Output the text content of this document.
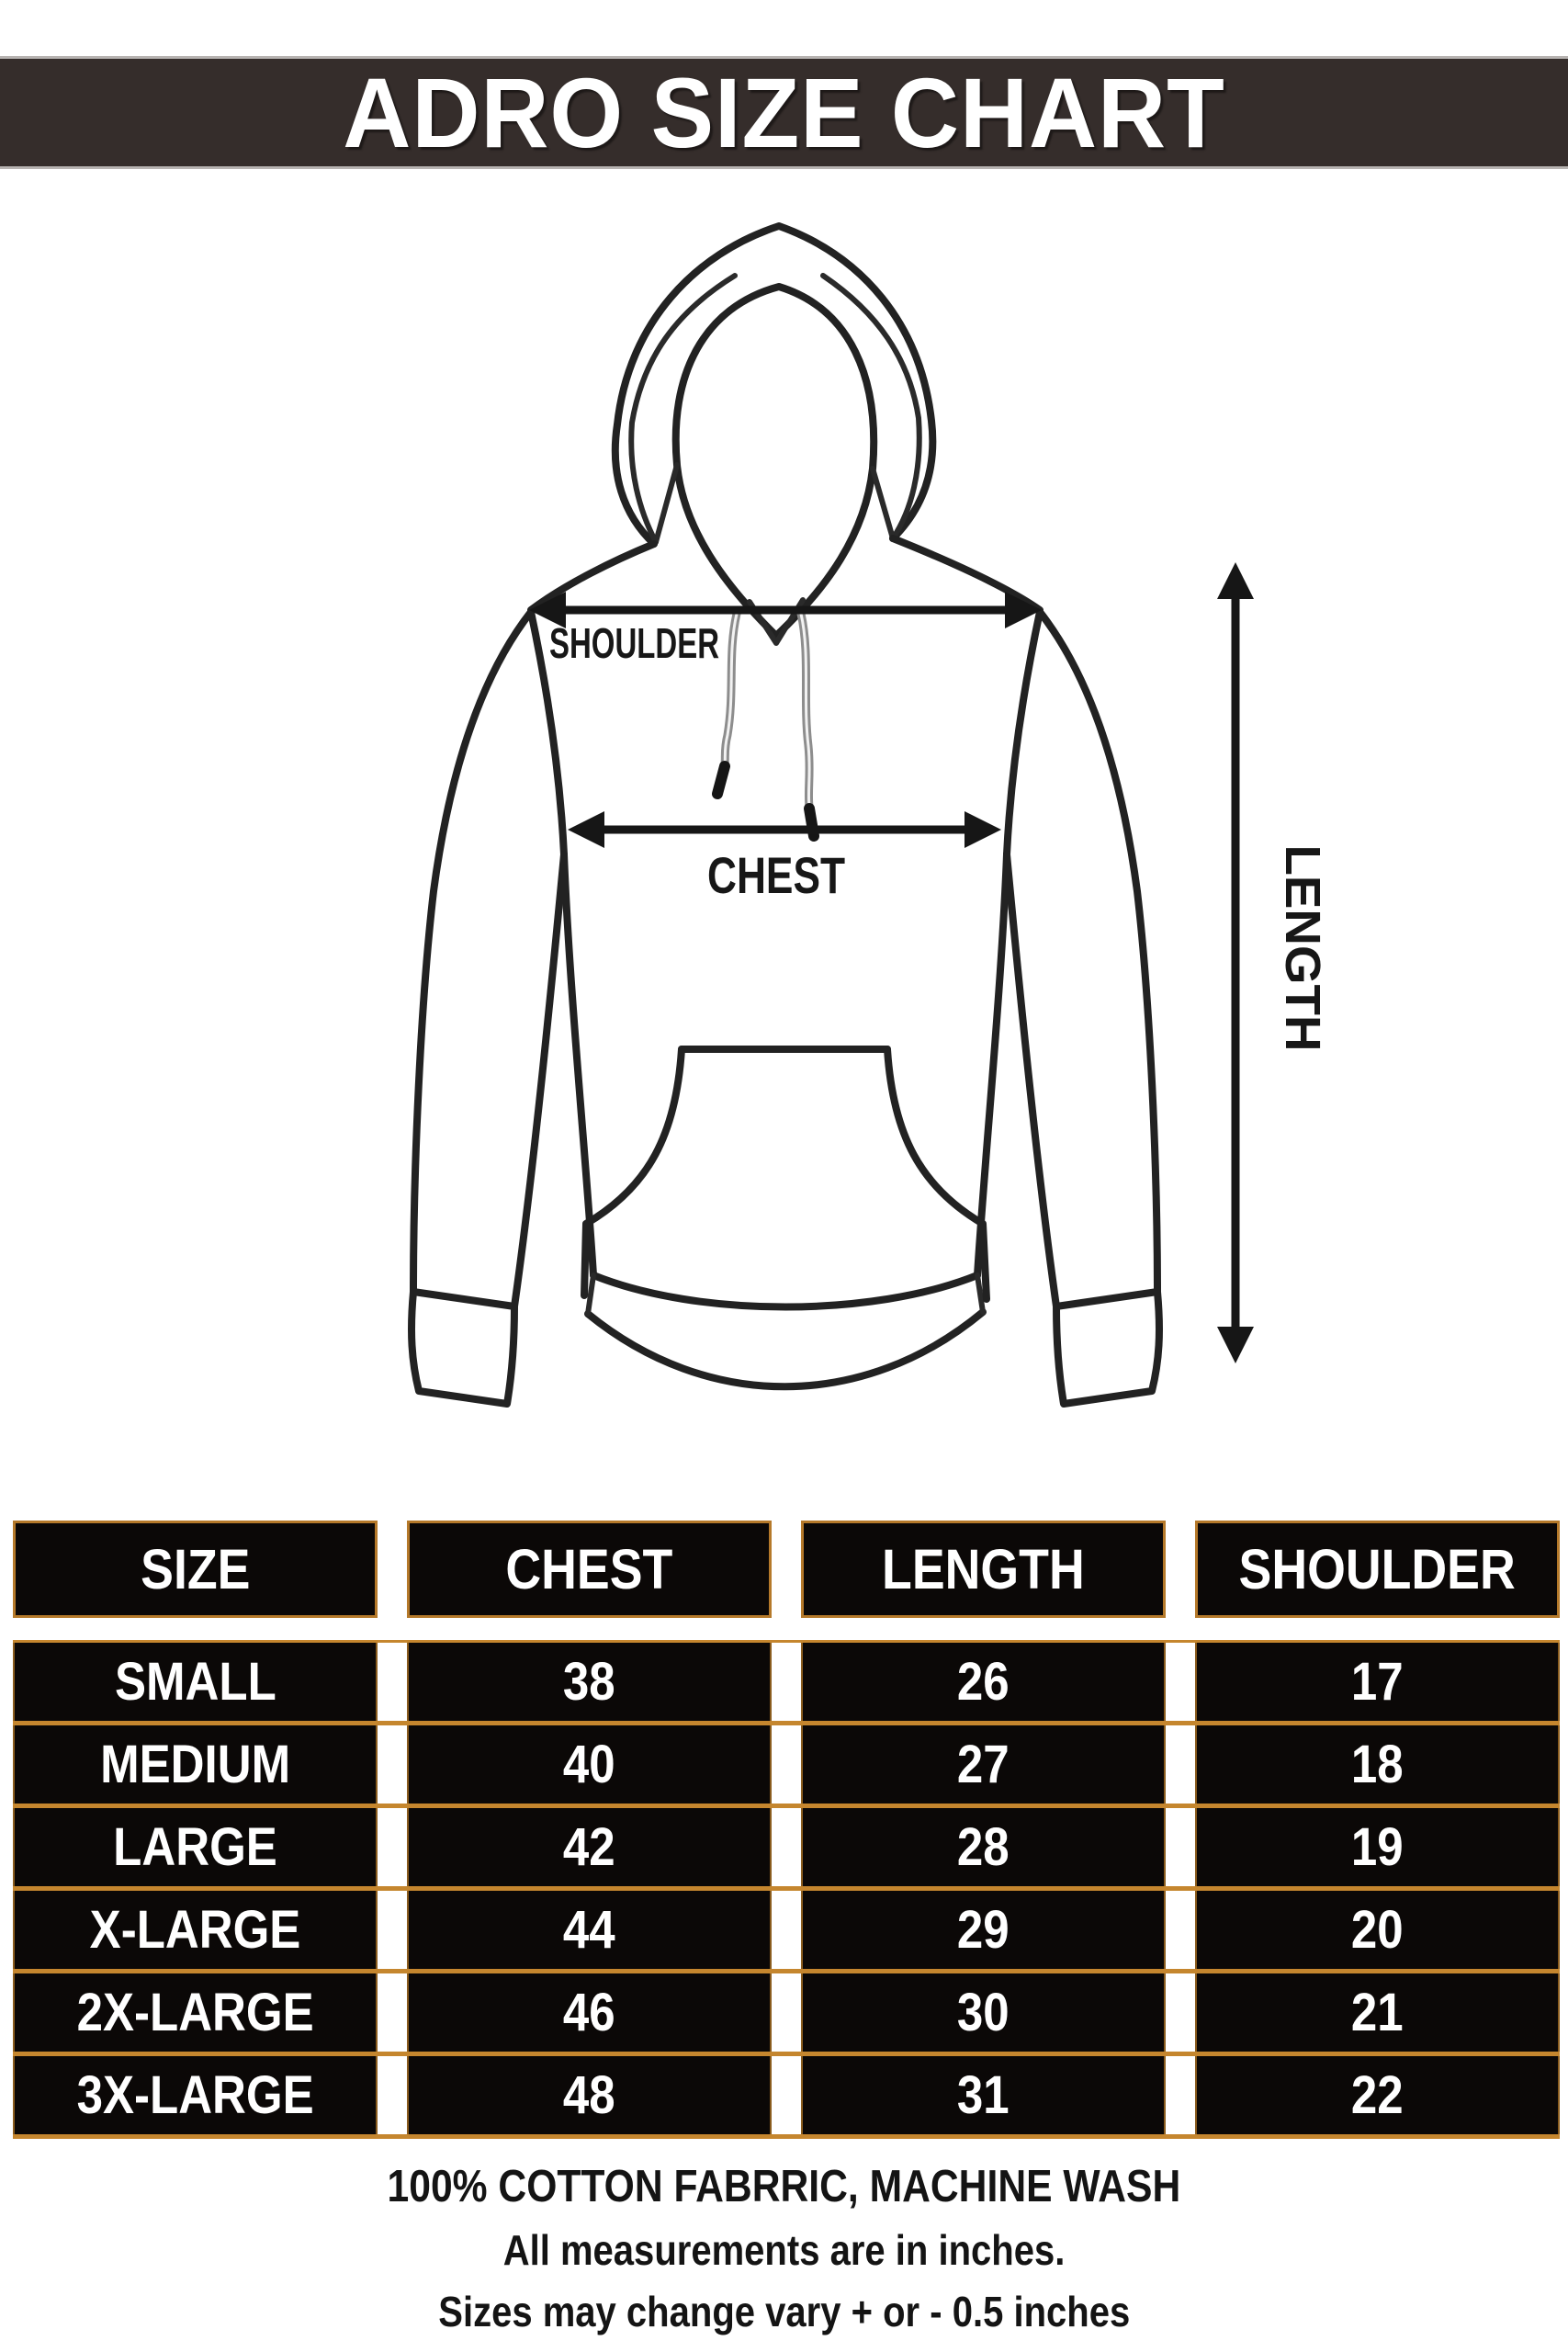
ADRO SIZE CHART
SHOULDER
CHEST	LENGTH
SIZE	CHEST	LENGTH	SHOULDER
SMALL	38	26	17
MEDIUM	40	27	18
LARGE	42	28	19
X-LARGE	44	29	20
2X-LARGE	46	30	21
3X-LARGE	48	31	22

100% COTTON FABRRIC, MACHINE WASH

All measurements are in inches.

Sizes may change vary + or - 0.5 inches
